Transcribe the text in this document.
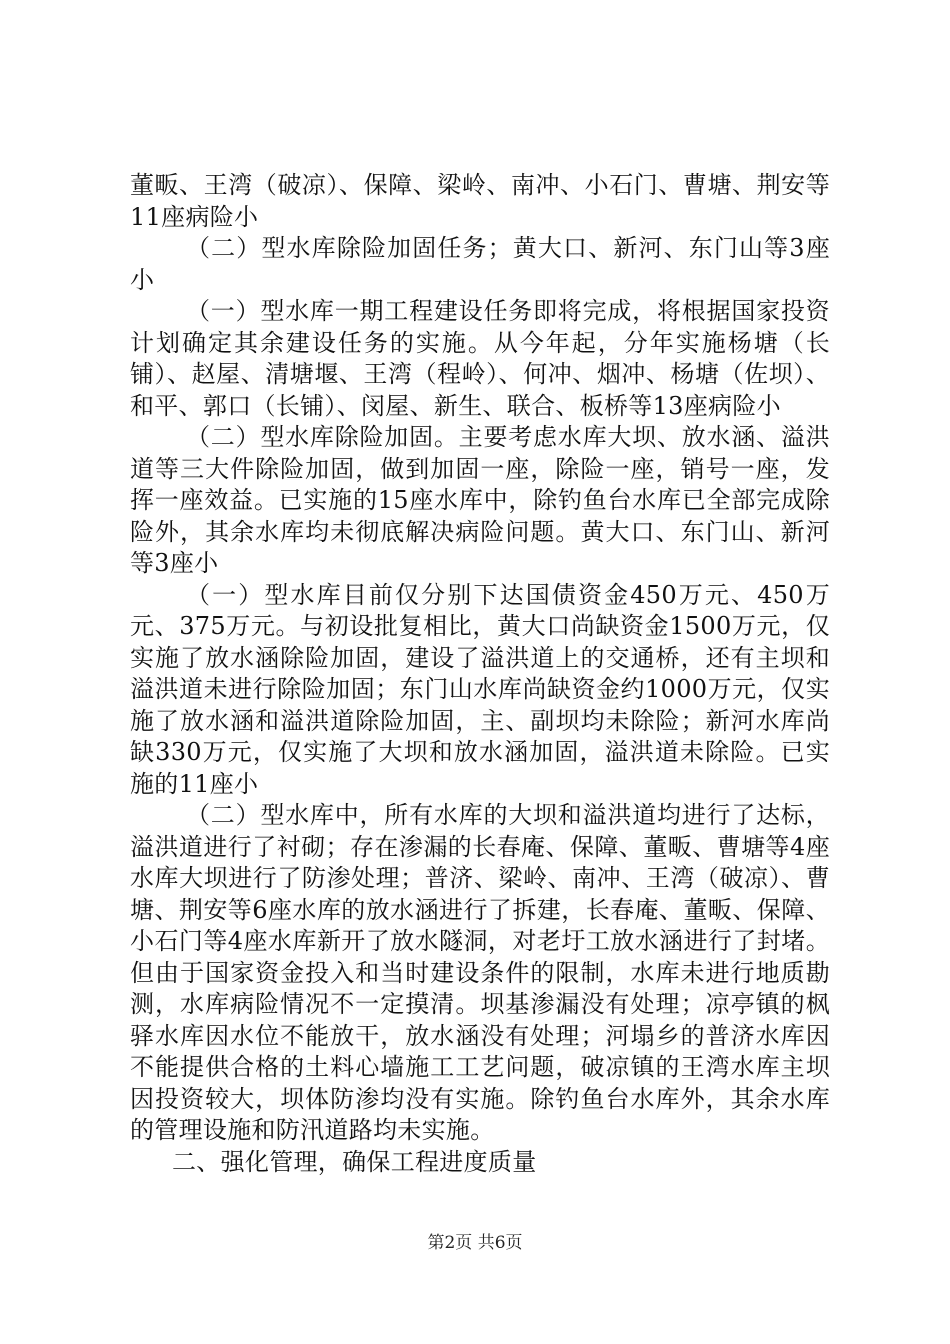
董畈、王湾（破凉）、保障、梁岭、南冲、小石门、曹塘、荆安等11座病险小

（二）型水库除险加固任务；黄大口、新河、东门山等3座小

（一）型水库一期工程建设任务即将完成，将根据国家投资计划确定其余建设任务的实施。从今年起，分年实施杨塘（长铺）、赵屋、清塘堰、王湾（程岭）、何冲、烟冲、杨塘（佐坝）、和平、郭口（长铺）、闵屋、新生、联合、板桥等13座病险小

（二）型水库除险加固。主要考虑水库大坝、放水涵、溢洪道等三大件除险加固，做到加固一座，除险一座，销号一座，发挥一座效益。已实施的15座水库中，除钓鱼台水库已全部完成除险外，其余水库均未彻底解决病险问题。黄大口、东门山、新河等3座小

（一）型水库目前仅分别下达国债资金450万元、450万元、375万元。与初设批复相比，黄大口尚缺资金1500万元，仅实施了放水涵除险加固，建设了溢洪道上的交通桥，还有主坝和溢洪道未进行除险加固；东门山水库尚缺资金约1000万元，仅实施了放水涵和溢洪道除险加固，主、副坝均未除险；新河水库尚缺330万元，仅实施了大坝和放水涵加固，溢洪道未除险。已实施的11座小

（二）型水库中，所有水库的大坝和溢洪道均进行了达标，溢洪道进行了衬砌；存在渗漏的长春庵、保障、董畈、曹塘等4座水库大坝进行了防渗处理；普济、梁岭、南冲、王湾（破凉）、曹塘、荆安等6座水库的放水涵进行了拆建，长春庵、董畈、保障、小石门等4座水库新开了放水隧洞，对老圩工放水涵进行了封堵。但由于国家资金投入和当时建设条件的限制，水库未进行地质勘测，水库病险情况不一定摸清。坝基渗漏没有处理；凉亭镇的枫驿水库因水位不能放干，放水涵没有处理；河塌乡的普济水库因不能提供合格的土料心墙施工工艺问题，破凉镇的王湾水库主坝因投资较大，坝体防渗均没有实施。除钓鱼台水库外，其余水库的管理设施和防汛道路均未实施。

二、强化管理，确保工程进度质量

第2页 共6页
